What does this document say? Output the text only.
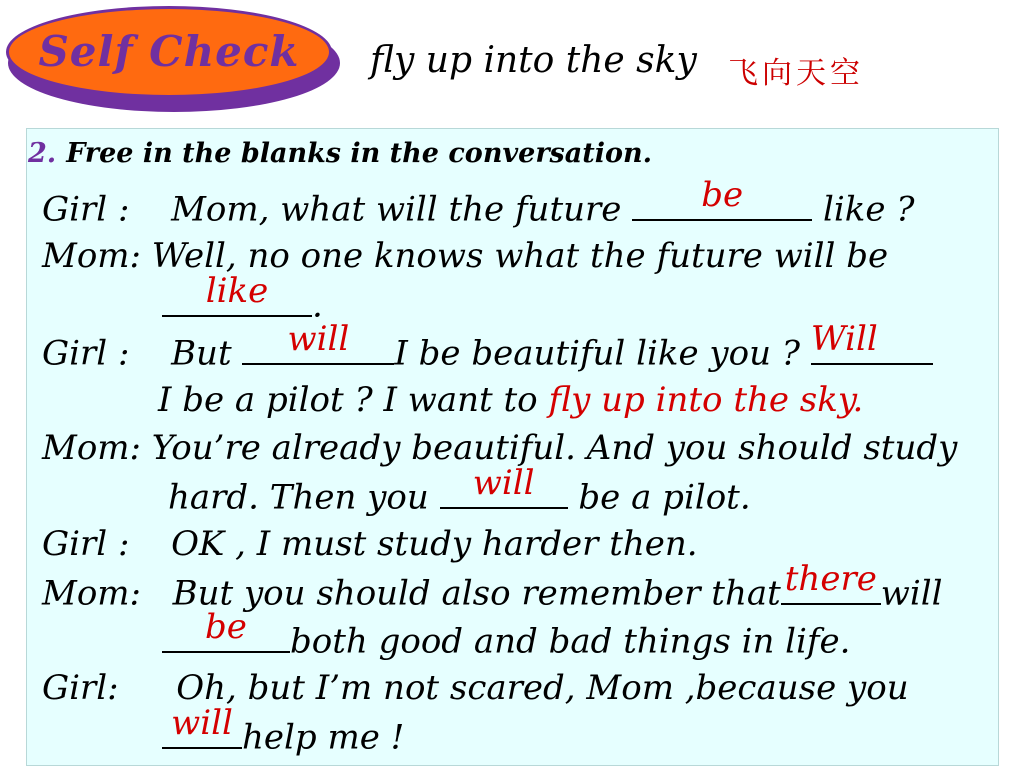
Self Check	fly up into the sky 飞向天空
2. Free in the blanks in the conversation.
Girl : Mom, what will the future	be	like ?
Mom: Well, no one knows what the future will be
like	.
Girl : But	will	I be beautiful like you ? Will
I be a pilot ? I want to fly up into the sky.
Mom: You’re already beautiful. And you should study
hard. Then you	will	be a pilot.
Girl : OK , I must study harder then.
Mom: But you should also remember that there will
be	both good and bad things in life.
Girl: Oh, but I’m not scared, Mom ,because you
will help me !
